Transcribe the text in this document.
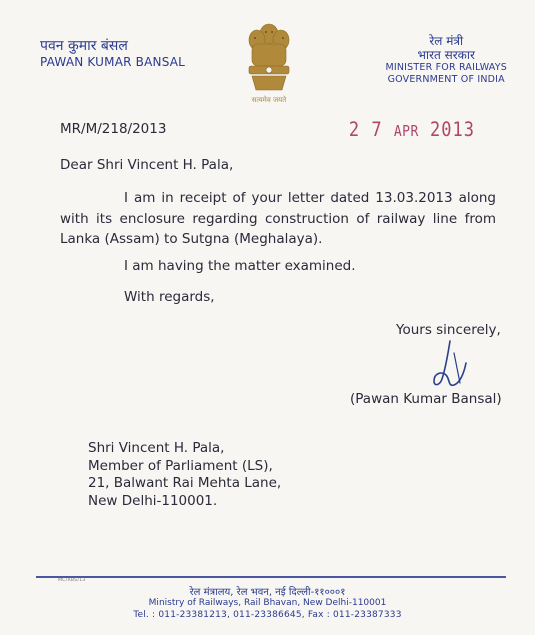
पवन कुमार बंसल
PAWAN KUMAR BANSAL
सत्यमेव जयते
रेल मंत्री
भारत सरकार
MINISTER FOR RAILWAYS
GOVERNMENT OF INDIA
MR/M/218/2013	2 7 APR 2013
Dear Shri Vincent H. Pala,
I am in receipt of your letter dated 13.03.2013 along with its enclosure regarding construction of railway line from Lanka (Assam) to Sutgna (Meghalaya).
I am having the matter examined.
With regards,
Yours sincerely,
(Pawan Kumar Bansal)
Shri Vincent H. Pala,
Member of Parliament (LS),
21, Balwant Rai Mehta Lane,
New Delhi-110001.
MC/RBS/13
रेल मंत्रालय, रेल भवन, नई दिल्ली-११०००१
Ministry of Railways, Rail Bhavan, New Delhi-110001
Tel. : 011-23381213, 011-23386645, Fax : 011-23387333
